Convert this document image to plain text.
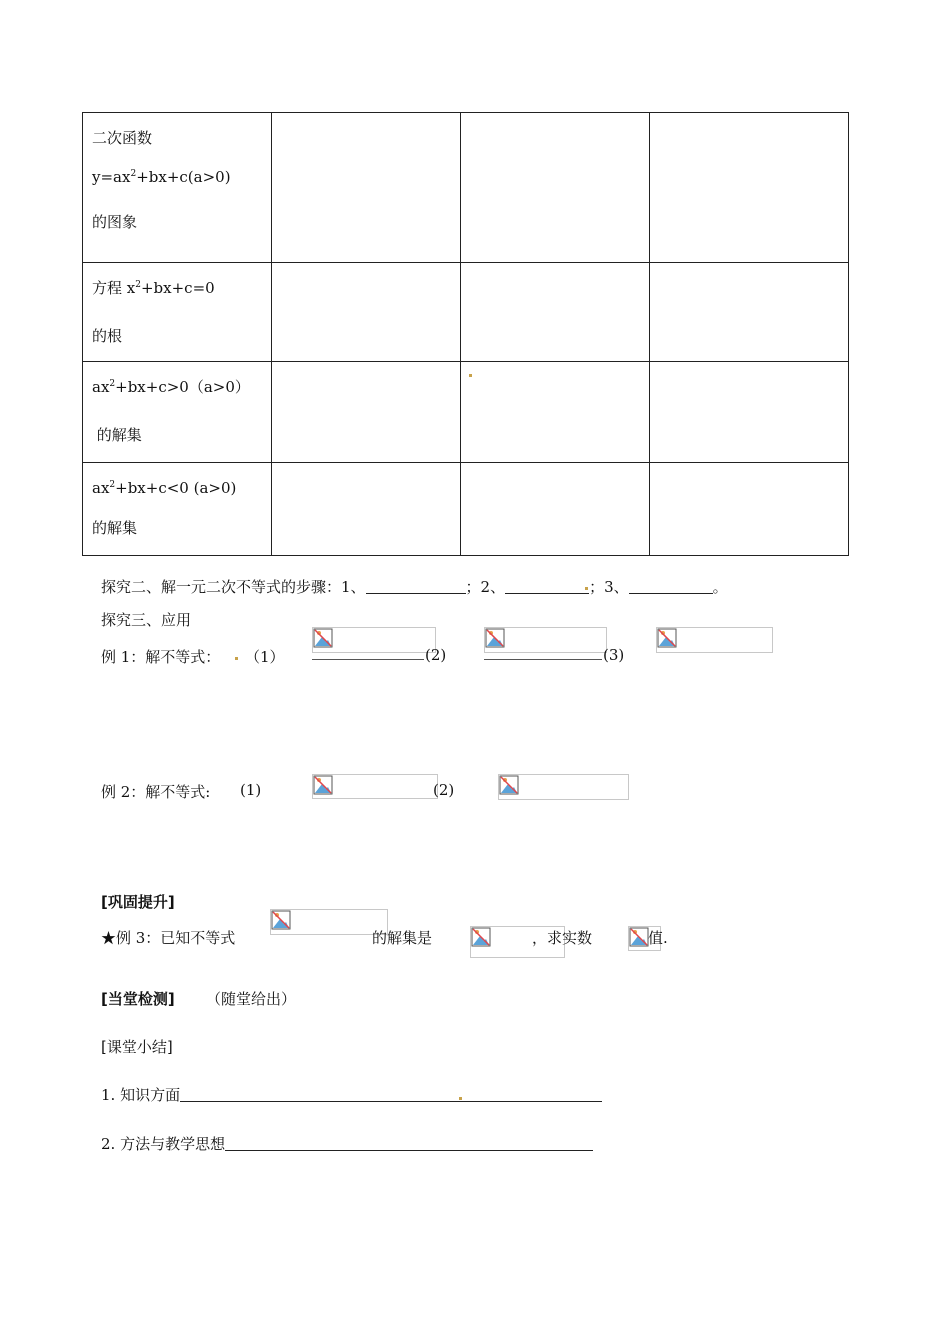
二次函数
$y=ax^2+bx+c(a>0)$
的图象			

方程 $x^2+bx+c=0$
的根			

$ax^2+bx+c>0(a>0)$
的解集			

$ax^2+bx+c<0$ (a>0)
的解集			

探究二、解一元二次不等式的步骤：1、	；2、	；3、	。
探究三、应用
例 1：解不等式： （1）	(2)	(3)
例 2：解不等式: (1)	(2)
[巩固提升]
★例 3：已知不等式	的解集是	，求实数	值.
[当堂检测] （随堂给出）
[课堂小结]
1. 知识方面
2. 方法与教学思想
